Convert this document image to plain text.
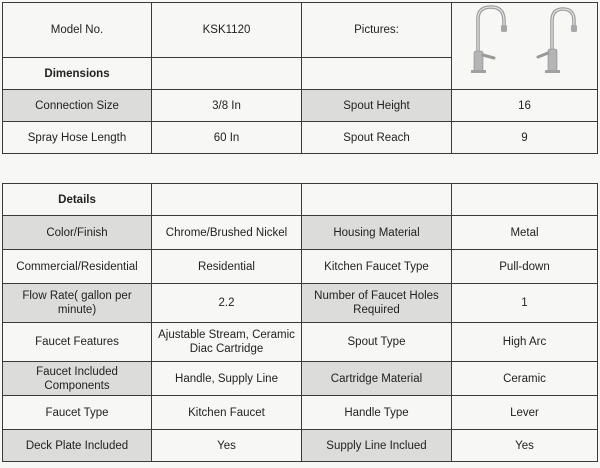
Model No.	KSK1120	Pictures:	

Dimensions			
Connection Size	3/8 In	Spout Height	16
Spray Hose Length	60 In	Spout Reach	9
Details			
Color/Finish	Chrome/Brushed Nickel	Housing Material	Metal
Commercial/Residential	Residential	Kitchen Faucet Type	Pull-down
Flow Rate( gallon per minute)	2.2	Number of Faucet Holes Required	1
Faucet Features	Ajustable Stream, Ceramic Diac Cartridge	Spout Type	High Arc
Faucet Included Components	Handle, Supply Line	Cartridge Material	Ceramic
Faucet Type	Kitchen Faucet	Handle Type	Lever
Deck Plate Included	Yes	Supply Line Inclued	Yes
